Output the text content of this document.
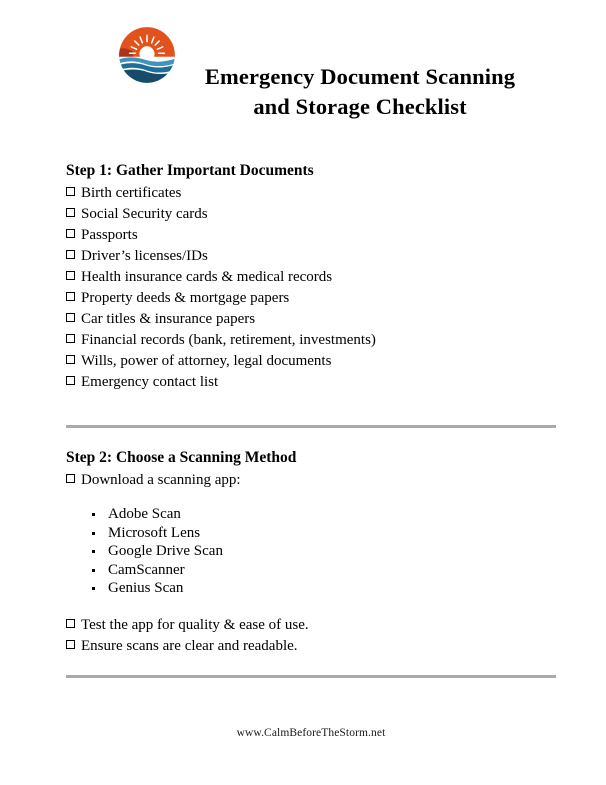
Emergency Document Scanning
and Storage Checklist
Step 1: Gather Important Documents
Birth certificates
Social Security cards
Passports
Driver’s licenses/IDs
Health insurance cards & medical records
Property deeds & mortgage papers
Car titles & insurance papers
Financial records (bank, retirement, investments)
Wills, power of attorney, legal documents
Emergency contact list
Step 2: Choose a Scanning Method
Download a scanning app:
Adobe Scan
Microsoft Lens
Google Drive Scan
CamScanner
Genius Scan
Test the app for quality & ease of use.
Ensure scans are clear and readable.
www.CalmBeforeTheStorm.net
